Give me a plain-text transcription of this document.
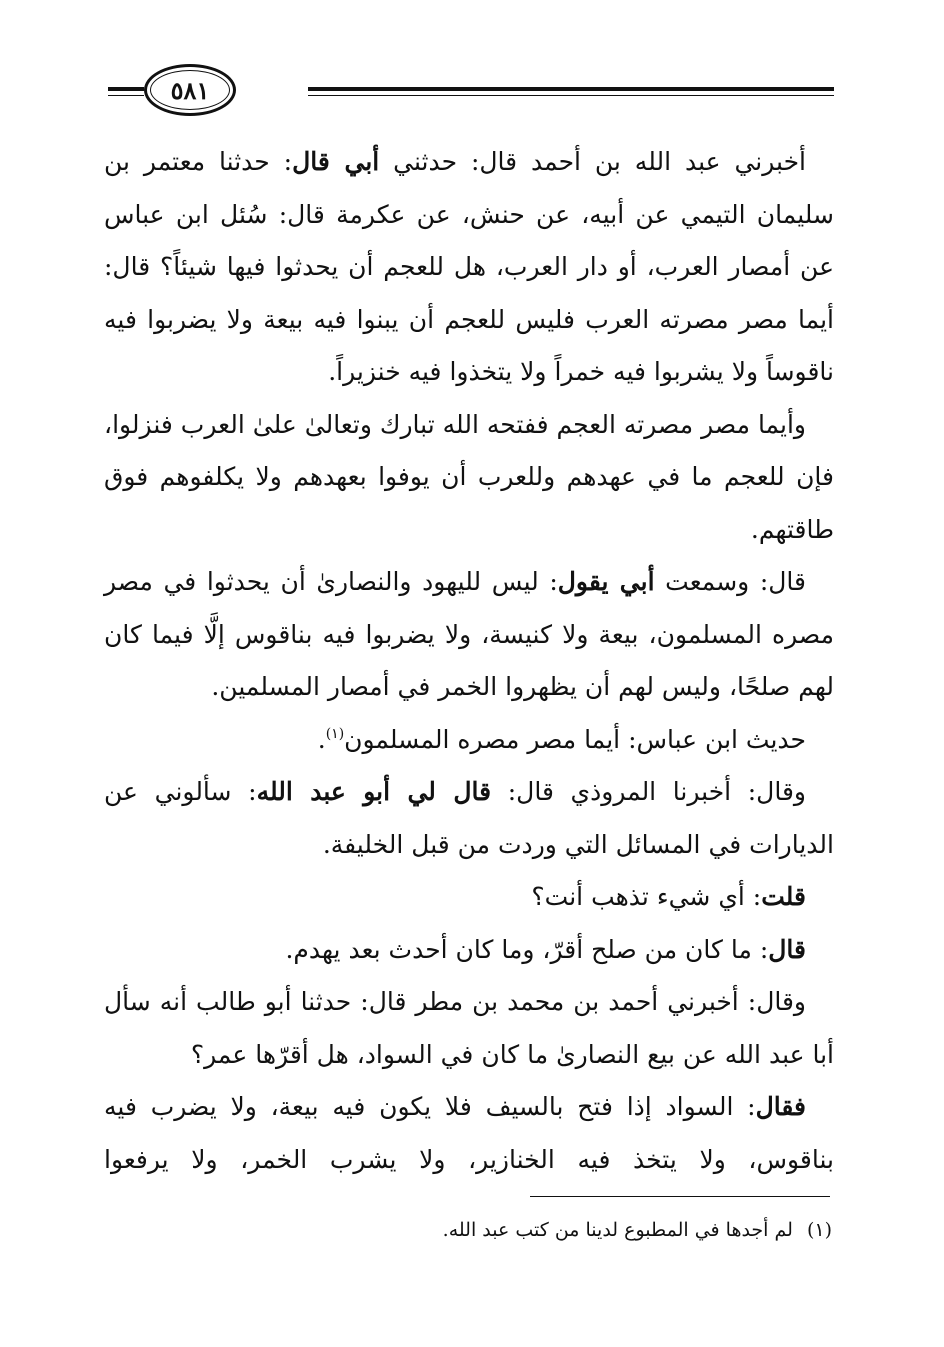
٥٨١

أخبرني عبد الله بن أحمد قال: حدثني أبي قال: حدثنا معتمر بن سليمان التيمي عن أبيه، عن حنش، عن عكرمة قال: سُئل ابن عباس عن أمصار العرب، أو دار العرب، هل للعجم أن يحدثوا فيها شيئاً؟ قال: أيما مصر مصرته العرب فليس للعجم أن يبنوا فيه بيعة ولا يضربوا فيه ناقوساً ولا يشربوا فيه خمراً ولا يتخذوا فيه خنزيراً.

وأيما مصر مصرته العجم ففتحه الله تبارك وتعالىٰ علىٰ العرب فنزلوا، فإن للعجم ما في عهدهم وللعرب أن يوفوا بعهدهم ولا يكلفوهم فوق طاقتهم.

قال: وسمعت أبي يقول: ليس لليهود والنصارىٰ أن يحدثوا في مصر مصره المسلمون، بيعة ولا كنيسة، ولا يضربوا فيه بناقوس إلَّا فيما كان لهم صلحًا، وليس لهم أن يظهروا الخمر في أمصار المسلمين.

حديث ابن عباس: أيما مصر مصره المسلمون$^{(١)}$.

وقال: أخبرنا المروذي قال: قال لي أبو عبد الله: سألوني عن الديارات في المسائل التي وردت من قبل الخليفة.

قلت: أي شيء تذهب أنت؟

قال: ما كان من صلح أقرّ، وما كان أحدث بعد يهدم.

وقال: أخبرني أحمد بن محمد بن مطر قال: حدثنا أبو طالب أنه سأل أبا عبد الله عن بيع النصارىٰ ما كان في السواد، هل أقرّها عمر؟

فقال: السواد إذا فتح بالسيف فلا يكون فيه بيعة، ولا يضرب فيه بناقوس، ولا يتخذ فيه الخنازير، ولا يشرب الخمر، ولا يرفعوا

(١)لم أجدها في المطبوع لدينا من كتب عبد الله.
